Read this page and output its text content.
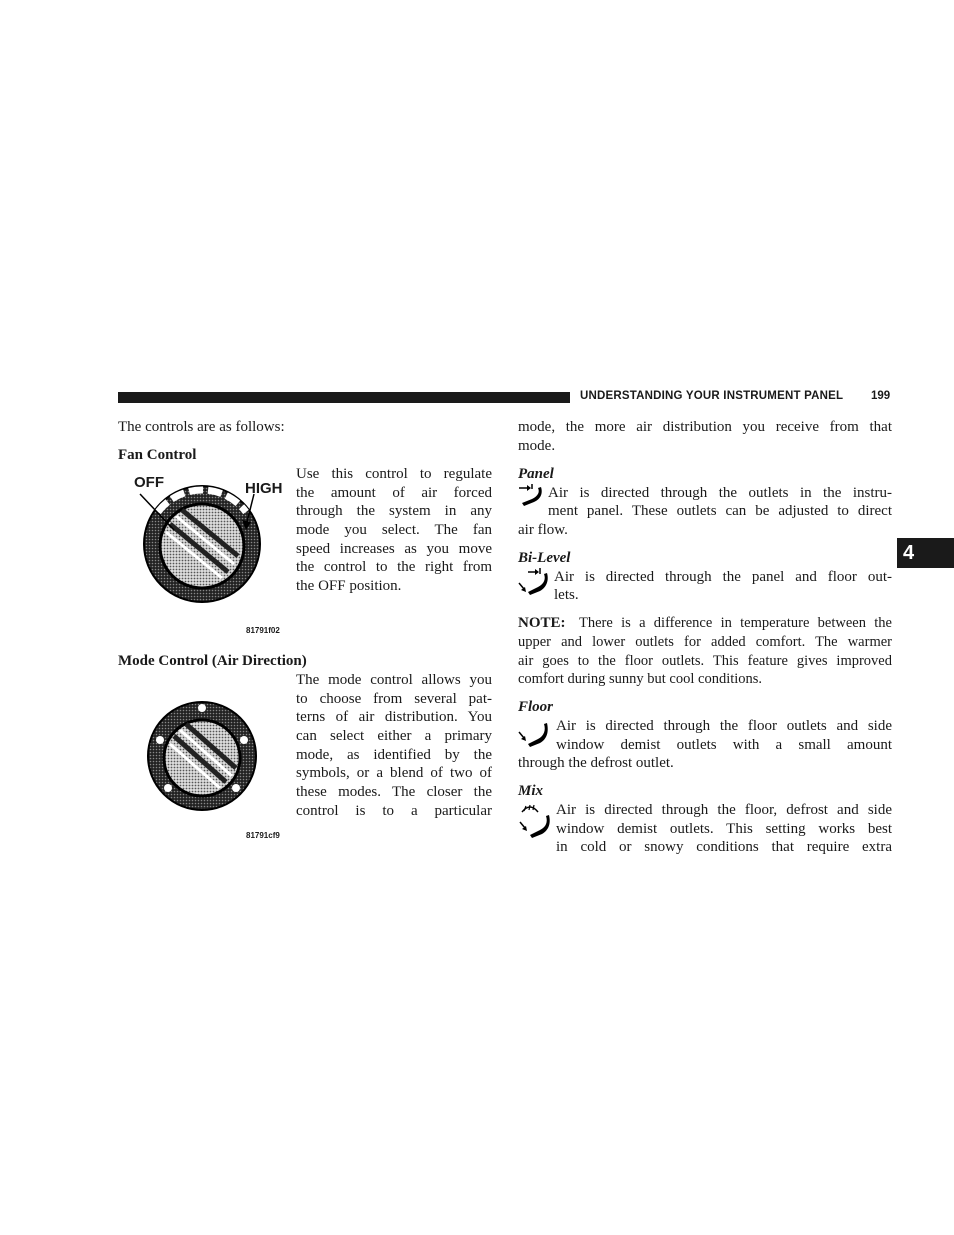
UNDERSTANDING YOUR INSTRUMENT PANEL 199
4
The controls are as follows:
Fan Control
OFF	HIGH
81791f02
Use this control to regulate
the amount of air forced
through the system in any
mode you select. The fan
speed increases as you move
the control to the right from
the OFF position.
Mode Control (Air Direction)
81791cf9
The mode control allows you
to choose from several pat-
terns of air distribution. You
can select either a primary
mode, as identified by the
symbols, or a blend of two of
these modes. The closer the
control is to a particular
mode, the more air distribution you receive from that
mode.
Panel
Air is directed through the outlets in the instru-
ment panel. These outlets can be adjusted to direct
air flow.
Bi-Level
Air is directed through the panel and floor out-
lets.
NOTE: There is a difference in temperature between the
upper and lower outlets for added comfort. The warmer
air goes to the floor outlets. This feature gives improved
comfort during sunny but cool conditions.
Floor
Air is directed through the floor outlets and side
window demist outlets with a small amount
through the defrost outlet.
Mix
Air is directed through the floor, defrost and side
window demist outlets. This setting works best
in cold or snowy conditions that require extra
